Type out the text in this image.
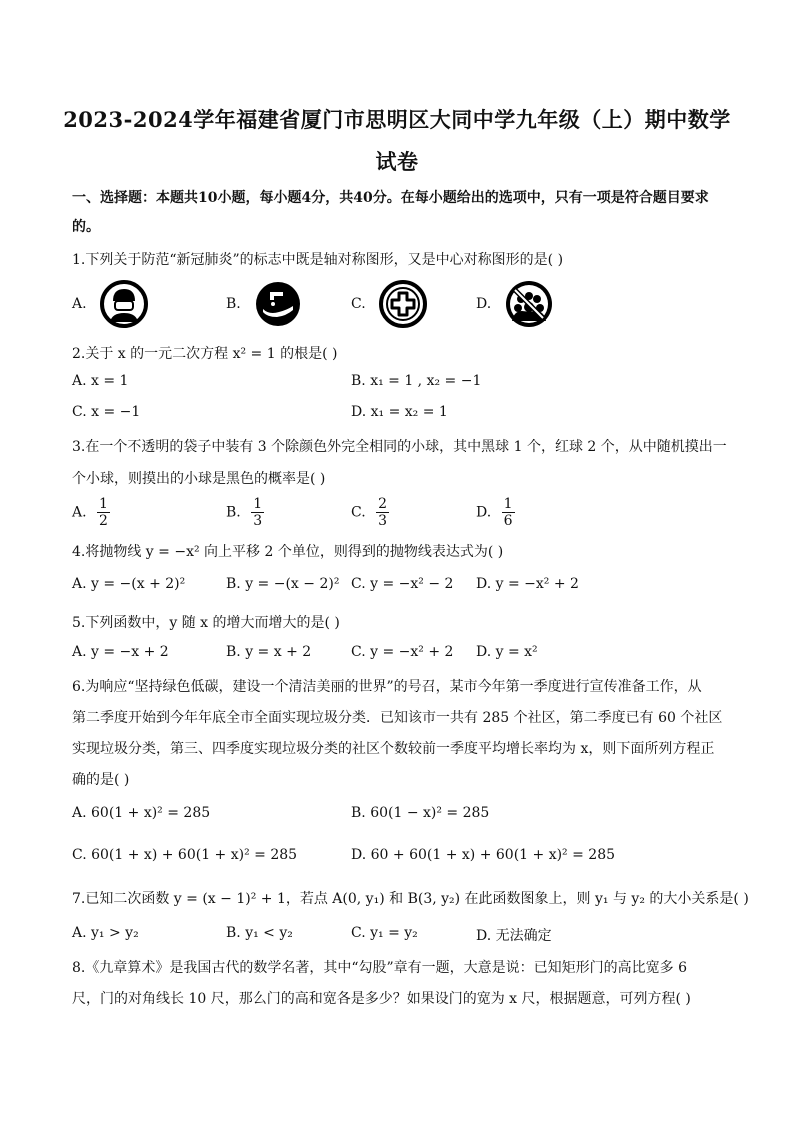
2023-2024学年福建省厦门市思明区大同中学九年级（上）期中数学
试卷
一、选择题：本题共10小题，每小题4分，共40分。在每小题给出的选项中，只有一项是符合题目要求
的。
1.下列关于防范“新冠肺炎”的标志中既是轴对称图形，又是中心对称图形的是( )
A.	B.	C.	D.
2.关于 x 的一元二次方程 x² = 1 的根是( )
A. x = 1	B. x₁ = 1 , x₂ = −1
C. x = −1	D. x₁ = x₂ = 1
3.在一个不透明的袋子中装有 3 个除颜色外完全相同的小球，其中黑球 1 个，红球 2 个，从中随机摸出一
个小球，则摸出的小球是黑色的概率是( )
A. $\frac{1}{2}$	B. $\frac{1}{3}$	C. $\frac{2}{3}$	D. $\frac{1}{6}$
4.将抛物线 y = −x² 向上平移 2 个单位，则得到的抛物线表达式为( )
A. y = −(x + 2)²	B. y = −(x − 2)² C. y = −x² − 2 D. y = −x² + 2
5.下列函数中，y 随 x 的增大而增大的是( )
A. y = −x + 2	B. y = x + 2	C. y = −x² + 2 D. y = x²
6.为响应“坚持绿色低碳，建设一个清洁美丽的世界”的号召，某市今年第一季度进行宣传准备工作，从
第二季度开始到今年年底全市全面实现垃圾分类．已知该市一共有 285 个社区，第二季度已有 60 个社区
实现垃圾分类，第三、四季度实现垃圾分类的社区个数较前一季度平均增长率均为 x，则下面所列方程正
确的是( )
A. 60(1 + x)² = 285	B. 60(1 − x)² = 285
C. 60(1 + x) + 60(1 + x)² = 285	D. 60 + 60(1 + x) + 60(1 + x)² = 285
7.已知二次函数 y = (x − 1)² + 1，若点 A(0, y₁) 和 B(3, y₂) 在此函数图象上，则 y₁ 与 y₂ 的大小关系是( )
A. y₁ > y₂	B. y₁ < y₂	C. y₁ = y₂	D. 无法确定
8.《九章算术》是我国古代的数学名著，其中“勾股”章有一题，大意是说：已知矩形门的高比宽多 6
尺，门的对角线长 10 尺，那么门的高和宽各是多少？如果设门的宽为 x 尺，根据题意，可列方程( )
